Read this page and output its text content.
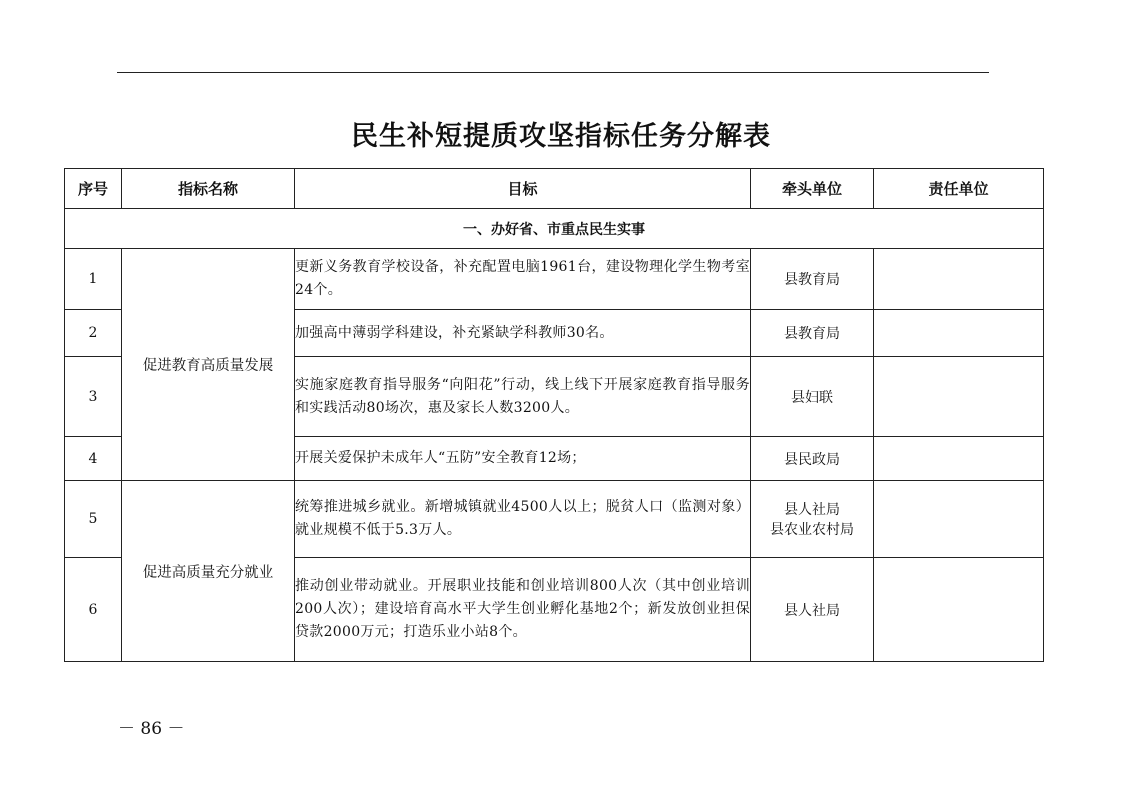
民生补短提质攻坚指标任务分解表
序号	指标名称	目标	牵头单位	责任单位
一、办好省、市重点民生实事				
1	促进教育高质量发展	更新义务教育学校设备，补充配置电脑1961台，建设物理化学生物考室24个。	县教育局	
2		加强高中薄弱学科建设，补充紧缺学科教师30名。	县教育局	
3		实施家庭教育指导服务“向阳花”行动，线上线下开展家庭教育指导服务和实践活动80场次，惠及家长人数3200人。	县妇联	
4		开展关爱保护未成年人“五防”安全教育12场；	县民政局	
5	促进高质量充分就业	统筹推进城乡就业。新增城镇就业4500人以上；脱贫人口（监测对象）就业规模不低于5.3万人。	县人社局
县农业农村局	

6		推动创业带动就业。开展职业技能和创业培训800人次（其中创业培训200人次）；建设培育高水平大学生创业孵化基地2个；新发放创业担保贷款2000万元；打造乐业小站8个。	县人社局	
－ 86 －
